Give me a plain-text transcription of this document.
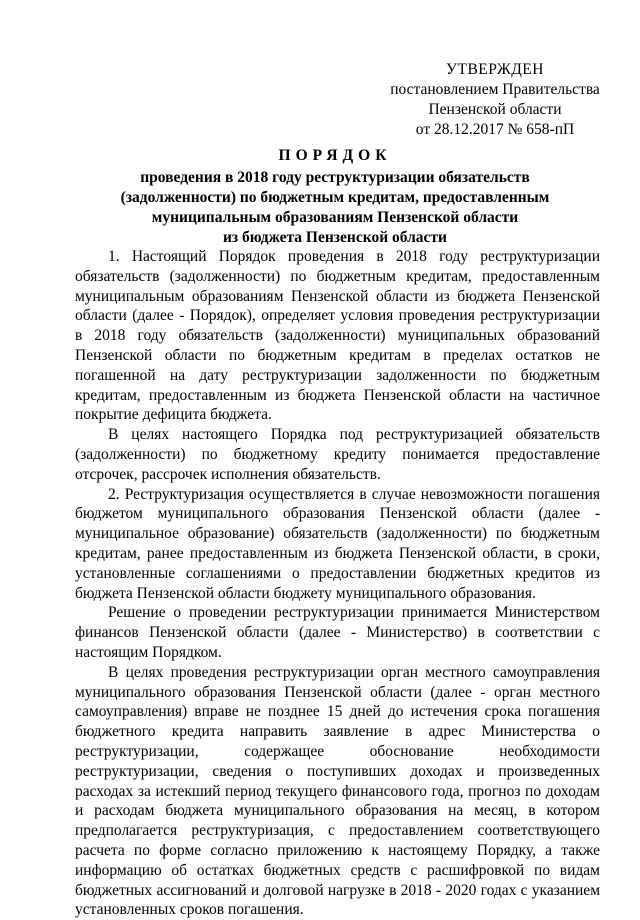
УТВЕРЖДЕН
постановлением Правительства
Пензенской области
от 28.12.2017 № 658-пП
ПОРЯДОК
проведения в 2018 году реструктуризации обязательств
(задолженности) по бюджетным кредитам, предоставленным
муниципальным образованиям Пензенской области
из бюджета Пензенской области

1. Настоящий Порядок проведения в 2018 году реструктуризации обязательств (задолженности) по бюджетным кредитам, предоставленным муниципальным образованиям Пензенской области из бюджета Пензенской области (далее - Порядок), определяет условия проведения реструктуризации в 2018 году обязательств (задолженности) муниципальных образований Пензенской области по бюджетным кредитам в пределах остатков не погашенной на дату реструктуризации задолженности по бюджетным кредитам, предоставленным из бюджета Пензенской области на частичное покрытие дефицита бюджета.

В целях настоящего Порядка под реструктуризацией обязательств (задолженности) по бюджетному кредиту понимается предоставление отсрочек, рассрочек исполнения обязательств.

2. Реструктуризация осуществляется в случае невозможности погашения бюджетом муниципального образования Пензенской области (далее - муниципальное образование) обязательств (задолженности) по бюджетным кредитам, ранее предоставленным из бюджета Пензенской области, в сроки, установленные соглашениями о предоставлении бюджетных кредитов из бюджета Пензенской области бюджету муниципального образования.

Решение о проведении реструктуризации принимается Министерством финансов Пензенской области (далее - Министерство) в соответствии с настоящим Порядком.

В целях проведения реструктуризации орган местного самоуправления муниципального образования Пензенской области (далее - орган местного самоуправления) вправе не позднее 15 дней до истечения срока погашения бюджетного кредита направить заявление в адрес Министерства о реструктуризации, содержащее обоснование необходимости реструктуризации, сведения о поступивших доходах и произведенных расходах за истекший период текущего финансового года, прогноз по доходам и расходам бюджета муниципального образования на месяц, в котором предполагается реструктуризация, с предоставлением соответствующего расчета по форме согласно приложению к настоящему Порядку, а также информацию об остатках бюджетных средств с расшифровкой по видам бюджетных ассигнований и долговой нагрузке в 2018 - 2020 годах с указанием установленных сроков погашения.
